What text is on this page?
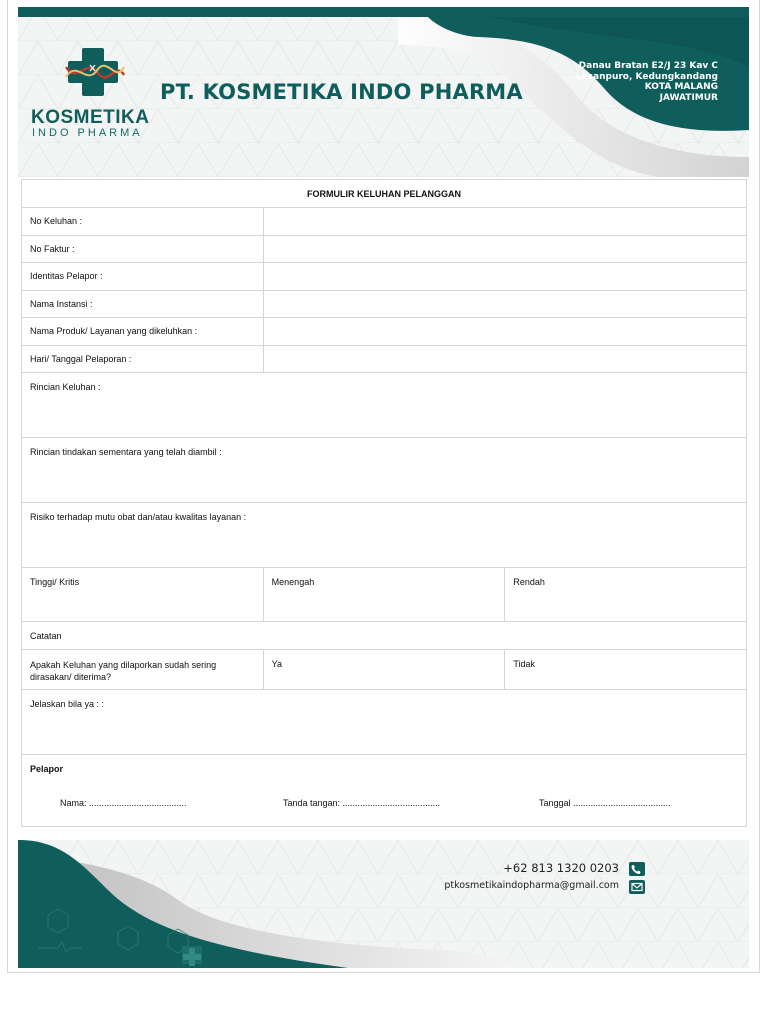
KOSMETIKA
INDO PHARMA
PT. KOSMETIKA INDO PHARMA
Danau Bratan E2/J 23 Kav C
Lesanpuro, Kedungkandang
KOTA MALANG
JAWATIMUR
FORMULIR KELUHAN PELANGGAN		
No Keluhan :		
No Faktur :		
Identitas Pelapor :		
Nama Instansi :		
Nama Produk/ Layanan yang dikeluhkan :		
Hari/ Tanggal Pelaporan :		
Rincian Keluhan :		
Rincian tindakan sementara yang telah diambil :		
Risiko terhadap mutu obat dan/atau kwalitas layanan :		
Tinggi/ Kritis	Menengah	Rendah
Catatan		
Apakah Keluhan yang dilaporkan sudah sering dirasakan/ diterima?	Ya	Tidak
Jelaskan bila ya : :		

Pelapor
Nama: ....................................... Tanda tangan: ....................................... Tanggal .......................................		
+62 813 1320 0203
ptkosmetikaindopharma@gmail.com
